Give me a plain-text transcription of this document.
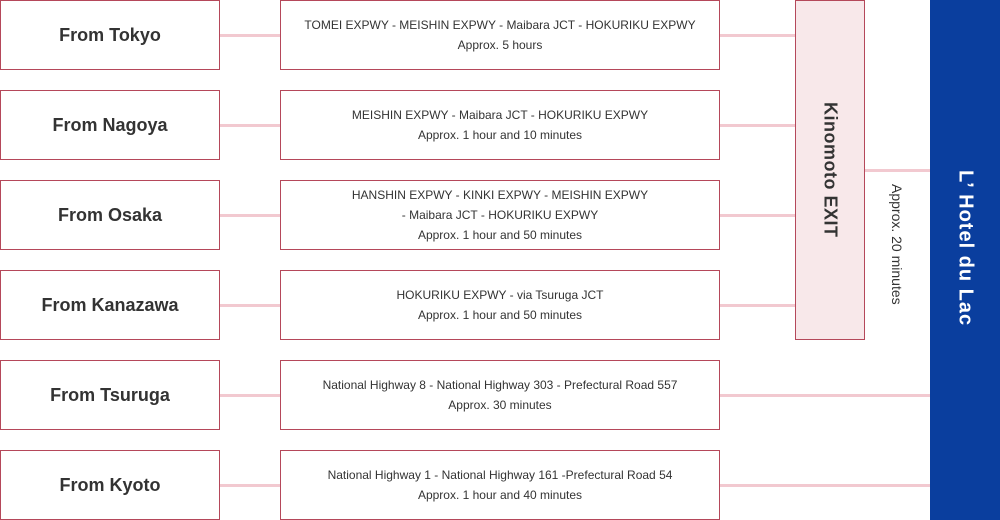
From Tokyo	TOMEI EXPWY - MEISHIN EXPWY - Maibara JCT - HOKURIKU EXPWY
Approx. 5 hours
From Nagoya	MEISHIN EXPWY - Maibara JCT - HOKURIKU EXPWY
Approx. 1 hour and 10 minutes
From Osaka
HANSHIN EXPWY - KINKI EXPWY - MEISHIN EXPWY
- Maibara JCT - HOKURIKU EXPWY
Approx. 1 hour and 50 minutes
From Kanazawa	HOKURIKU EXPWY - via Tsuruga JCT
Approx. 1 hour and 50 minutes
From Tsuruga	National Highway 8 - National Highway 303 - Prefectural Road 557
Approx. 30 minutes
From Kyoto	National Highway 1 - National Highway 161 -Prefectural Road 54
Approx. 1 hour and 40 minutes
Kinomoto EXIT
Approx. 20 minutes L’ Hotel du Lac
